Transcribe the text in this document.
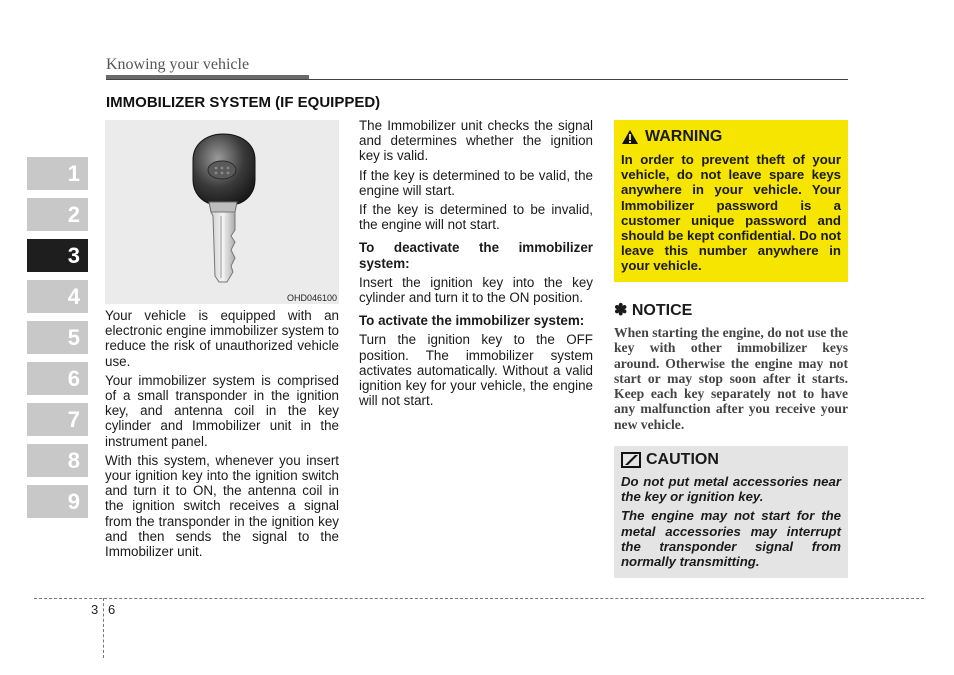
Knowing your vehicle
IMMOBILIZER SYSTEM (IF EQUIPPED)
1
2
3
4
5
6
7
8
9
OHD046100

Your vehicle is equipped with an electronic engine immobilizer system to reduce the risk of unauthorized vehicle use.

Your immobilizer system is comprised of a small transponder in the ignition key, and antenna coil in the key cylinder and Immobilizer unit in the instrument panel.

With this system, whenever you insert your ignition key into the ignition switch and turn it to ON, the antenna coil in the ignition switch receives a signal from the transponder in the ignition key and then sends the signal to the Immobilizer unit.

The Immobilizer unit checks the signal and determines whether the ignition key is valid.

If the key is determined to be valid, the engine will start.

If the key is determined to be invalid, the engine will not start.

To deactivate the immobilizer system:

Insert the ignition key into the key cylinder and turn it to the ON position.

To activate the immobilizer system:

Turn the ignition key to the OFF position. The immobilizer system activates automatically. Without a valid ignition key for your vehicle, the engine will not start.

WARNING
In order to prevent theft of your vehicle, do not leave spare keys anywhere in your vehicle. Your Immobilizer password is a customer unique password and should be kept confidential. Do not leave this number anywhere in your vehicle.
✽ NOTICE
When starting the engine, do not use the key with other immobilizer keys around. Otherwise the engine may not start or may stop soon after it starts. Keep each key separately not to have any malfunction after you receive your new vehicle.
CAUTION

Do not put metal accessories near the key or ignition key.

The engine may not start for the metal accessories may interrupt the transponder signal from normally transmitting.

3 6
